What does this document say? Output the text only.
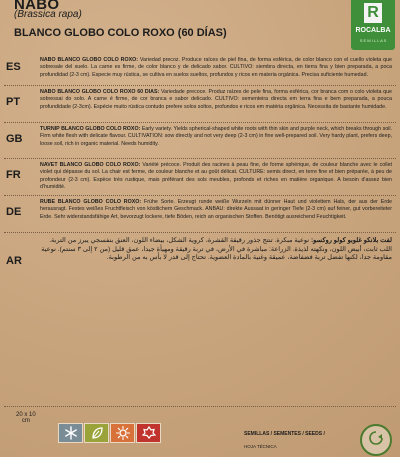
NABO
(Brassica rapa)
BLANCO GLOBO COLO ROXO (60 DÍAS)
R
ROCALBA
S E M I L L A S
ES
NABO BLANCO GLOBO COLO ROXO: Variedad precoz. Produce raíces de piel fina, de forma esférica, de color blanco con el cuello violeta que sobresale del suelo. La carne es firme, de color blanco y de delicado sabor. CULTIVO: siembra directa, en tierra fina y bien preparada, a poca profundidad (2-3 cm). Especie muy rústica, se cultiva en suelos sueltos, profundos y ricos en materia orgánica. Precisa suficiente humedad.
PT
NABO BLANCO GLOBO COLO ROXO 60 DÍAS: Variedade precoce. Produz raízes de pele fina, forma esférica, cor branca com o colo violeta que sobressai do solo. A carne é firme, de cor branca e sabor delicado. CULTIVO: sementeira directa em terra fina e bem preparada, a pouca profundidade (2-3cm). Espécie muito rústica contudo prefere solos soltos, profundos e ricos em matéria orgânica. Necessita de bastante humidade.
GB
TURNIP BLANCO GLOBO COLO ROXO: Early variety. Yields spherical-shaped white roots with thin skin and purple neck, which breaks through soil. Firm white flesh with delicate flavour. CULTIVATION: sow directly and not very deep (2-3 cm) in fine well-prepared soil. Very hardy plant, prefers deep, loose soil, rich in organic material. Needs humidity.
FR
NAVET BLANCO GLOBO COLO ROXO: Variété précoce. Produit des racines à peau fine, de forme sphérique, de couleur blanche avec le collet violet qui dépasse du sol. La chair est ferme, de couleur blanche et au goût délicat. CULTURE: semis direct, en terre fine et bien préparée, à peu de profondeur (2-3 cm). Espèce très rustique, mais préférant des sols meubles, profonds et riches en matière organique. A besoin d'assez bien d'humidité.
DE
RÜBE BLANCO GLOBO COLO ROXO: Frühe Sorte. Erzeugt runde weiße Wurzeln mit dünner Haut und violettem Hals, der aus der Erde herausragt. Festes weißes Fruchtfleisch von köstlichem Geschmack. ANBAU: direkte Aussaat in geringer Tiefe (2-3 cm) auf feiner, gut vorbereiteter Erde. Sehr widerstandsfähige Art, bevorzugt lockere, tiefe Böden, reich an organischen Stoffen. Benötigt ausreichend Feuchtigkeit.
AR
لفت بلانكو غلوبو كولو روكسو: نوعية مبكرة. تنتج جذور رقيقة القشرة، كروية الشكل، بيضاء اللون، العنق بنفسجي يبرز من التربة. اللب ثابت، أبيض اللون، ونكهته لذيذة. الزراعة: مباشرة في الأرض، في تربة رقيقة ومهيأة جيدا، عمق قليل (من ٢ إلى ٣ سنتم). نوعية مقاومة جدا، لكنها تفضل تربة فضفاضة، عميقة وغنية بالمادة العضوية. تحتاج إلى قدر لا بأس به من الرطوبة.
20 x 10
cm
SEMILLAS / SEMENTES / SEEDS /
HOJA TÉCNICA
